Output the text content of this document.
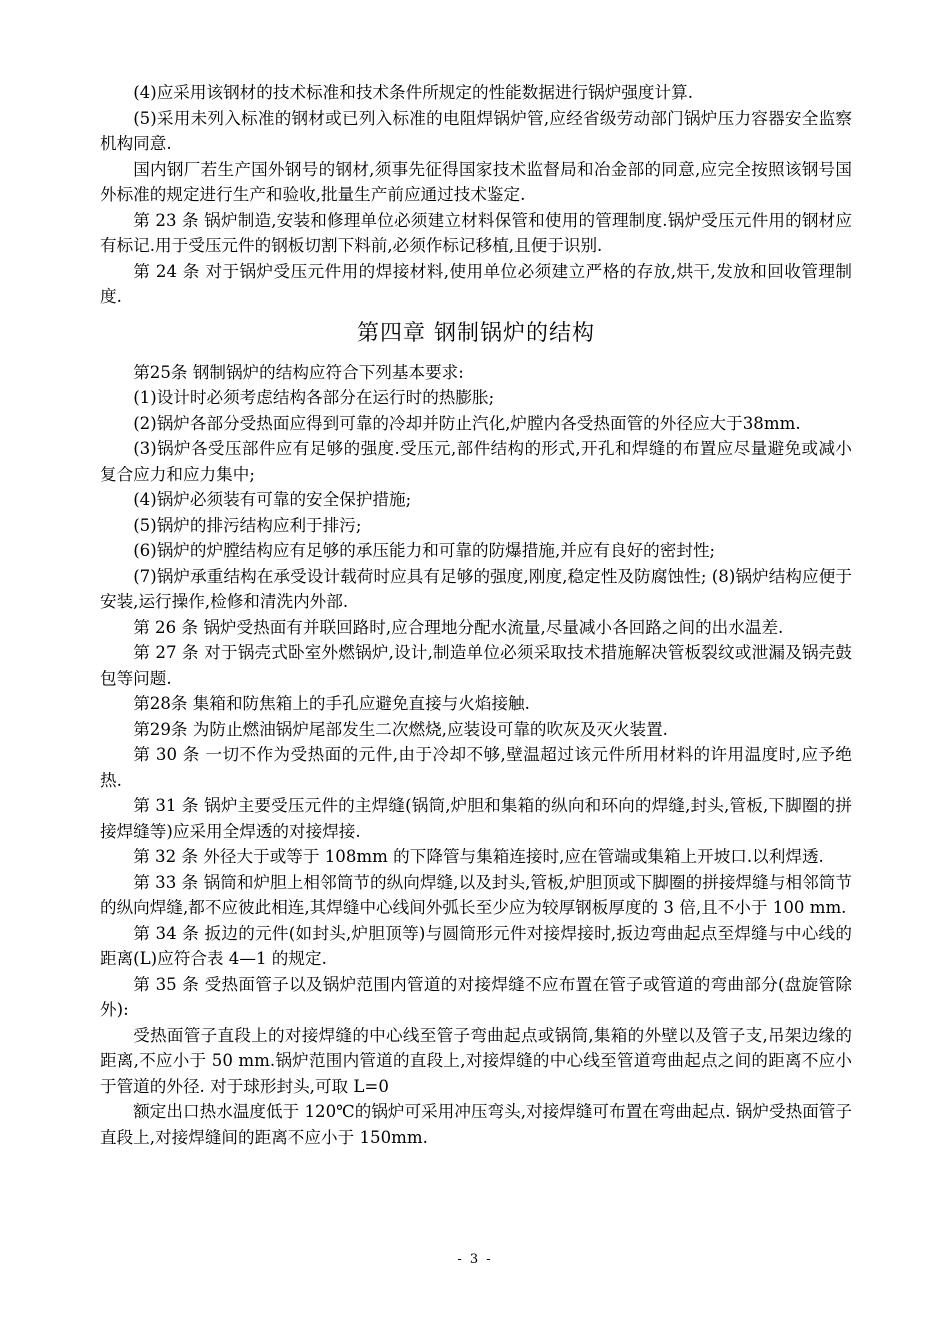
(4)应采用该钢材的技术标准和技术条件所规定的性能数据进行锅炉强度计算.

(5)采用未列入标准的钢材或已列入标准的电阻焊锅炉管,应经省级劳动部门锅炉压力容器安全监察机构同意.

国内钢厂若生产国外钢号的钢材,须事先征得国家技术监督局和冶金部的同意,应完全按照该钢号国外标准的规定进行生产和验收,批量生产前应通过技术鉴定.

第 23 条 锅炉制造,安装和修理单位必须建立材料保管和使用的管理制度.锅炉受压元件用的钢材应有标记.用于受压元件的钢板切割下料前,必须作标记移植,且便于识别.

第 24 条 对于锅炉受压元件用的焊接材料,使用单位必须建立严格的存放,烘干,发放和回收管理制度.

第四章 钢制锅炉的结构

第25条 钢制锅炉的结构应符合下列基本要求:

(1)设计时必须考虑结构各部分在运行时的热膨胀;

(2)锅炉各部分受热面应得到可靠的冷却并防止汽化,炉膛内各受热面管的外径应大于38mm.

(3)锅炉各受压部件应有足够的强度.受压元,部件结构的形式,开孔和焊缝的布置应尽量避免或减小复合应力和应力集中;

(4)锅炉必须装有可靠的安全保护措施;

(5)锅炉的排污结构应利于排污;

(6)锅炉的炉膛结构应有足够的承压能力和可靠的防爆措施,并应有良好的密封性;

(7)锅炉承重结构在承受设计载荷时应具有足够的强度,刚度,稳定性及防腐蚀性; (8)锅炉结构应便于安装,运行操作,检修和清洗内外部.

第 26 条 锅炉受热面有并联回路时,应合理地分配水流量,尽量减小各回路之间的出水温差.

第 27 条 对于锅壳式卧室外燃锅炉,设计,制造单位必须采取技术措施解决管板裂纹或泄漏及锅壳鼓包等问题.

第28条 集箱和防焦箱上的手孔应避免直接与火焰接触.

第29条 为防止燃油锅炉尾部发生二次燃烧,应装设可靠的吹灰及灭火装置.

第 30 条 一切不作为受热面的元件,由于冷却不够,壁温超过该元件所用材料的许用温度时,应予绝热.

第 31 条 锅炉主要受压元件的主焊缝(锅筒,炉胆和集箱的纵向和环向的焊缝,封头,管板,下脚圈的拼接焊缝等)应采用全焊透的对接焊接.

第 32 条 外径大于或等于 108mm 的下降管与集箱连接时,应在管端或集箱上开坡口.以利焊透.

第 33 条 锅筒和炉胆上相邻筒节的纵向焊缝,以及封头,管板,炉胆顶或下脚圈的拼接焊缝与相邻筒节的纵向焊缝,都不应彼此相连,其焊缝中心线间外弧长至少应为较厚钢板厚度的 3 倍,且不小于 100 mm.

第 34 条 扳边的元件(如封头,炉胆顶等)与圆筒形元件对接焊接时,扳边弯曲起点至焊缝与中心线的距离(L)应符合表 4—1 的规定.

第 35 条 受热面管子以及锅炉范围内管道的对接焊缝不应布置在管子或管道的弯曲部分(盘旋管除外):

受热面管子直段上的对接焊缝的中心线至管子弯曲起点或锅筒,集箱的外壁以及管子支,吊架边缘的距离,不应小于 50 mm.锅炉范围内管道的直段上,对接焊缝的中心线至管道弯曲起点之间的距离不应小于管道的外径. 对于球形封头,可取 L=0

额定出口热水温度低于 120℃的锅炉可采用冲压弯头,对接焊缝可布置在弯曲起点. 锅炉受热面管子直段上,对接焊缝间的距离不应小于 150mm.

- 3 -
